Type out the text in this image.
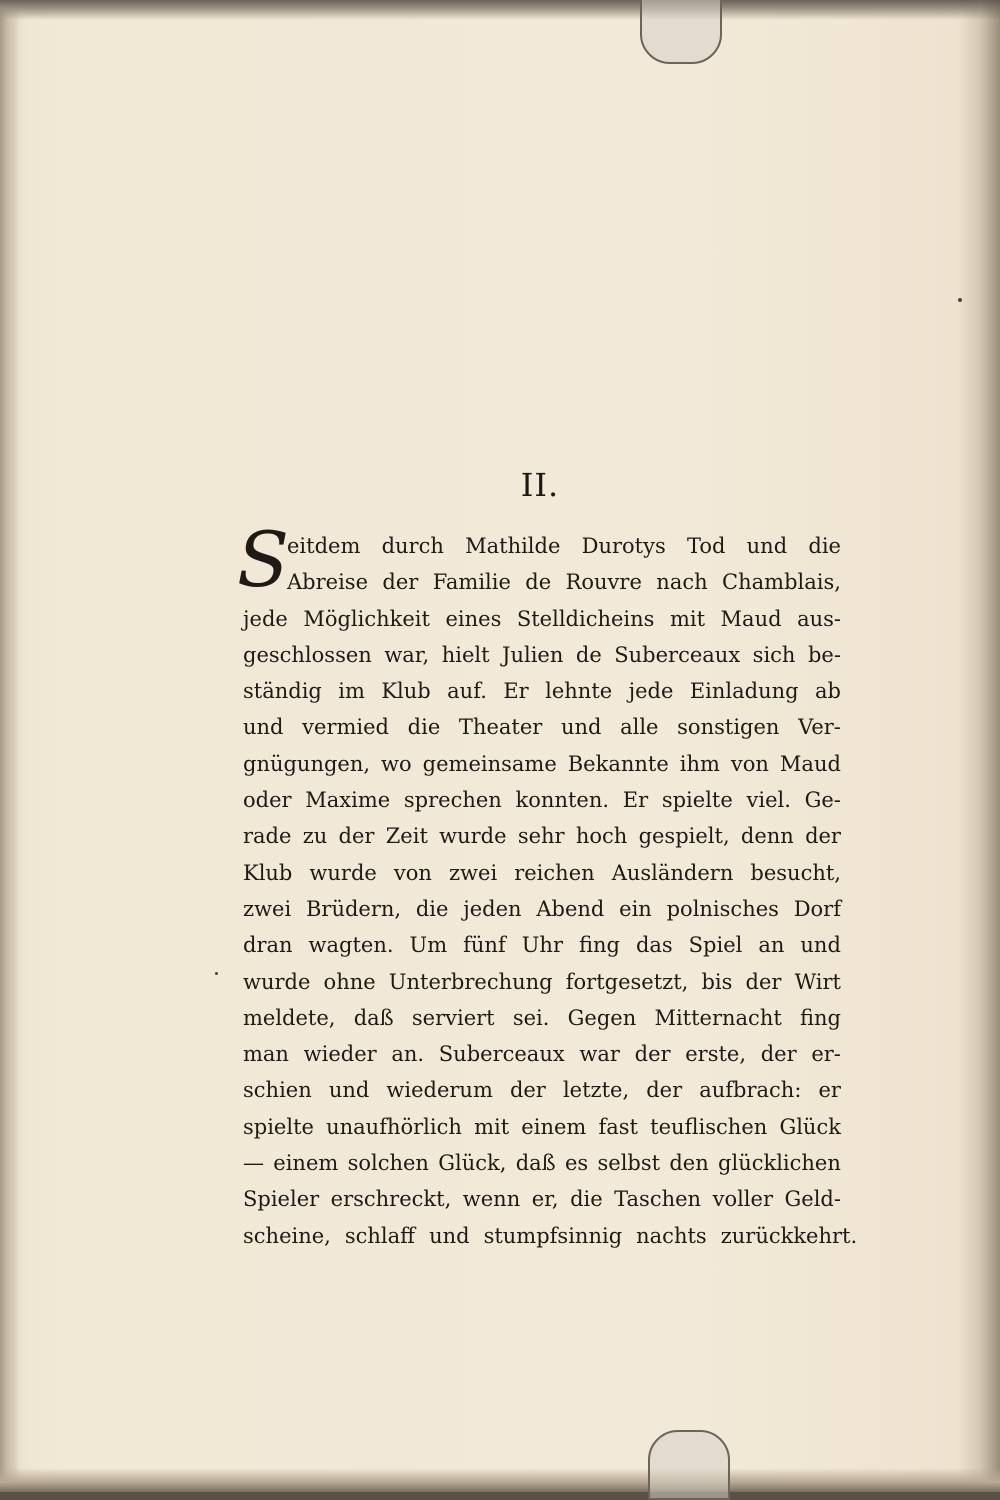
II.
S
eitdem durch Mathilde Durotys Tod und die
Abreise der Familie de Rouvre nach Chamblais,
jede Möglichkeit eines Stelldicheins mit Maud aus-
geschlossen war, hielt Julien de Suberceaux sich be-
ständig im Klub auf. Er lehnte jede Einladung ab
und vermied die Theater und alle sonstigen Ver-
gnügungen, wo gemeinsame Bekannte ihm von Maud
oder Maxime sprechen konnten. Er spielte viel. Ge-
rade zu der Zeit wurde sehr hoch gespielt, denn der
Klub wurde von zwei reichen Ausländern besucht,
zwei Brüdern, die jeden Abend ein polnisches Dorf
dran wagten. Um fünf Uhr fing das Spiel an und
wurde ohne Unterbrechung fortgesetzt, bis der Wirt
meldete, daß serviert sei. Gegen Mitternacht fing
man wieder an. Suberceaux war der erste, der er-
schien und wiederum der letzte, der aufbrach: er
spielte unaufhörlich mit einem fast teuflischen Glück
— einem solchen Glück, daß es selbst den glücklichen
Spieler erschreckt, wenn er, die Taschen voller Geld-
scheine, schlaff und stumpfsinnig nachts zurückkehrt.
